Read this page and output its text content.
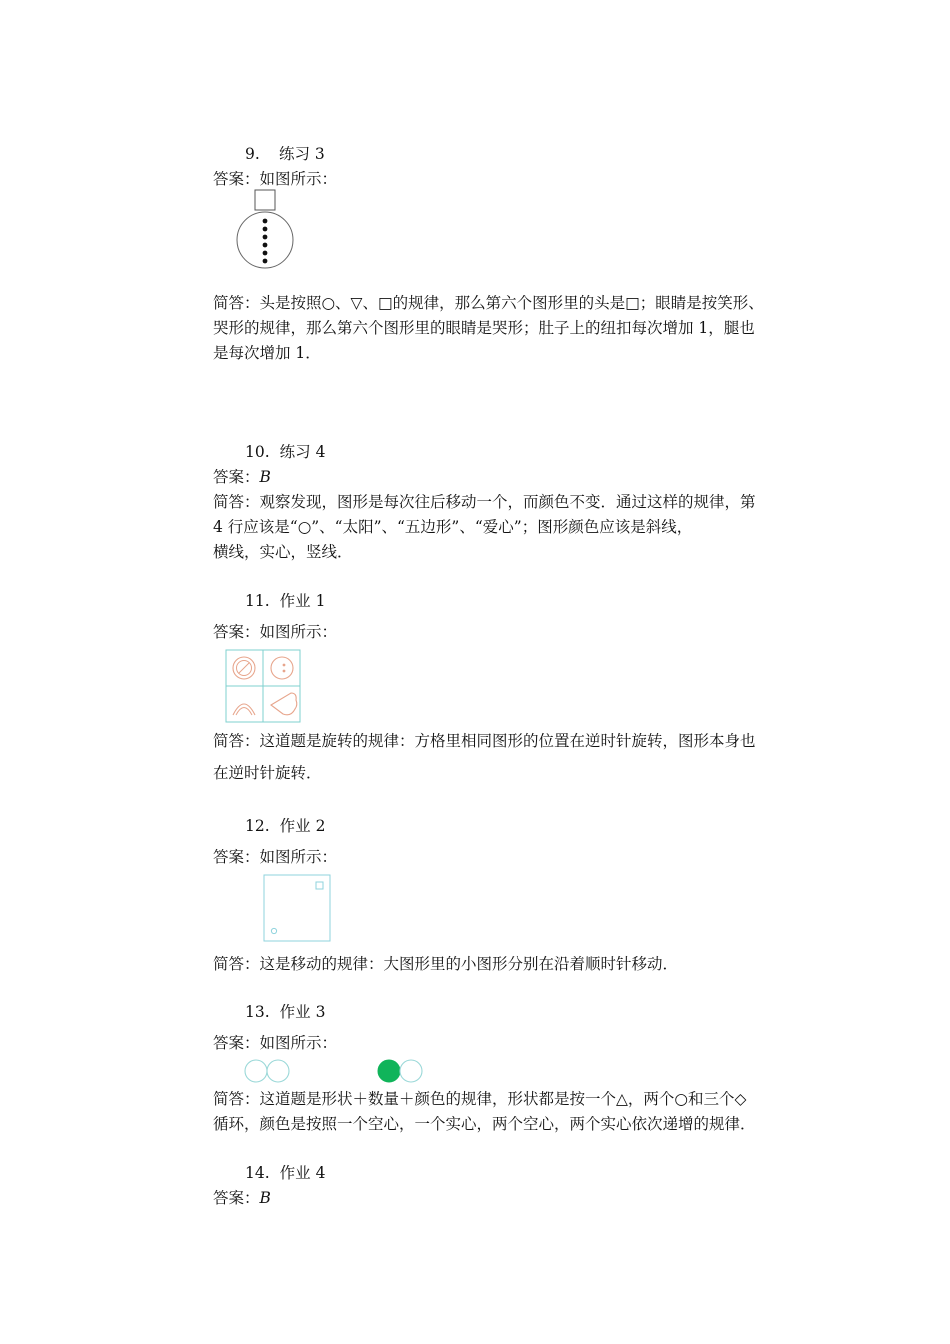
9. 练习 3
答案：如图所示：
简答：头是按照○、▽、□的规律，那么第六个图形里的头是□；眼睛是按笑形、
哭形的规律，那么第六个图形里的眼睛是哭形；肚子上的纽扣每次增加 1，腿也
是每次增加 1．
10. 练习 4
答案：B
简答：观察发现，图形是每次往后移动一个，而颜色不变．通过这样的规律，第
4 行应该是“○”、“太阳”、“五边形”、“爱心”；图形颜色应该是斜线，
横线，实心，竖线．
11. 作业 1
答案：如图所示：
简答：这道题是旋转的规律：方格里相同图形的位置在逆时针旋转，图形本身也
在逆时针旋转．
12. 作业 2
答案：如图所示：
简答：这是移动的规律：大图形里的小图形分别在沿着顺时针移动．
13. 作业 3
答案：如图所示：
简答：这道题是形状＋数量＋颜色的规律，形状都是按一个△，两个○和三个◇
循环，颜色是按照一个空心，一个实心，两个空心，两个实心依次递增的规律．
14. 作业 4
答案：B
